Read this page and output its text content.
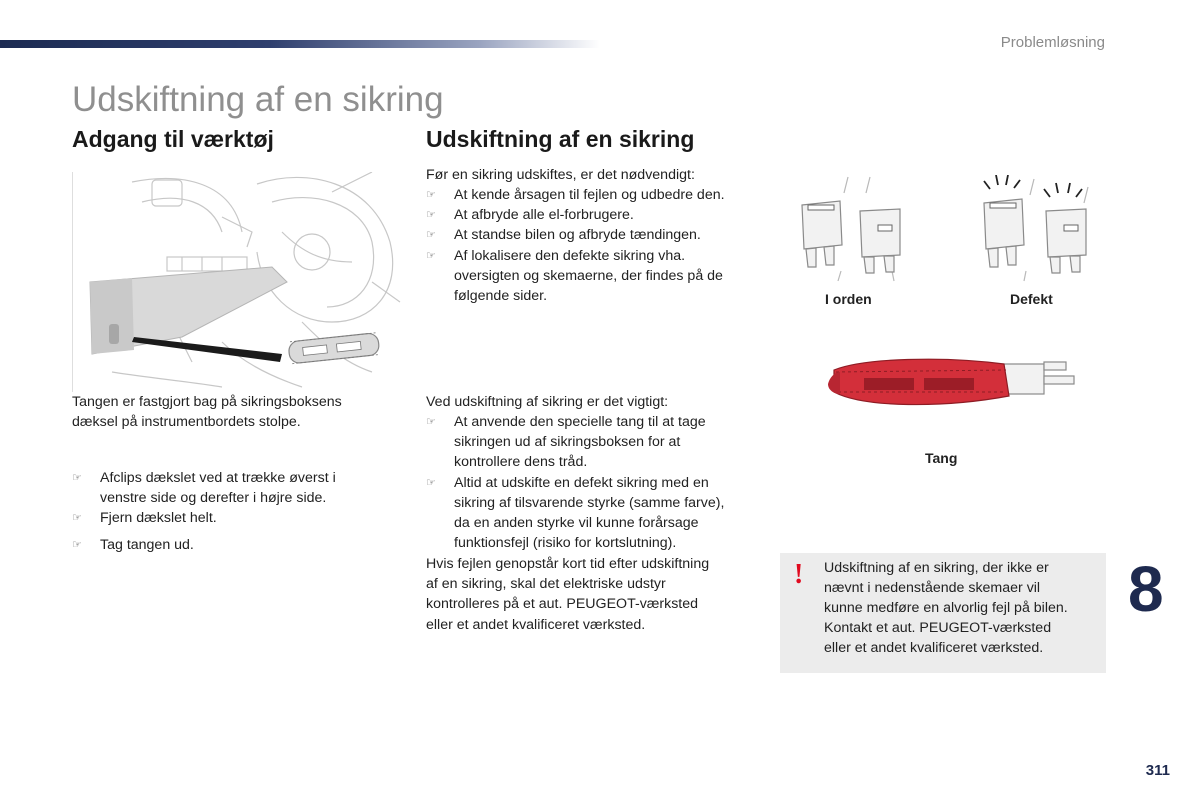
Problemløsning
Udskiftning af en sikring
Adgang til værktøj
Tangen er fastgjort bag på sikringsboksens
dæksel på instrumentbordets stolpe.
☞ Afclips dækslet ved at trække øverst i
venstre side og derefter i højre side.
☞ Fjern dækslet helt.
☞ Tag tangen ud.
Udskiftning af en sikring
Før en sikring udskiftes, er det nødvendigt:
☞ At kende årsagen til fejlen og udbedre den.
☞ At afbryde alle el-forbrugere.
☞ At standse bilen og afbryde tændingen.
☞ Af lokalisere den defekte sikring vha.
oversigten og skemaerne, der findes på de
følgende sider.
Ved udskiftning af sikring er det vigtigt:
☞ At anvende den specielle tang til at tage
sikringen ud af sikringsboksen for at
kontrollere dens tråd.
☞ Altid at udskifte en defekt sikring med en
sikring af tilsvarende styrke (samme farve),
da en anden styrke vil kunne forårsage
funktionsfejl (risiko for kortslutning).
Hvis fejlen genopstår kort tid efter udskiftning
af en sikring, skal det elektriske udstyr
kontrolleres på et aut. PEUGEOT-værksted
eller et andet kvalificeret værksted.
I orden	Defekt
Tang
! Udskiftning af en sikring, der ikke er
nævnt i nedenstående skemaer vil
kunne medføre en alvorlig fejl på bilen.
Kontakt et aut. PEUGEOT-værksted
eller et andet kvalificeret værksted.
8
311
